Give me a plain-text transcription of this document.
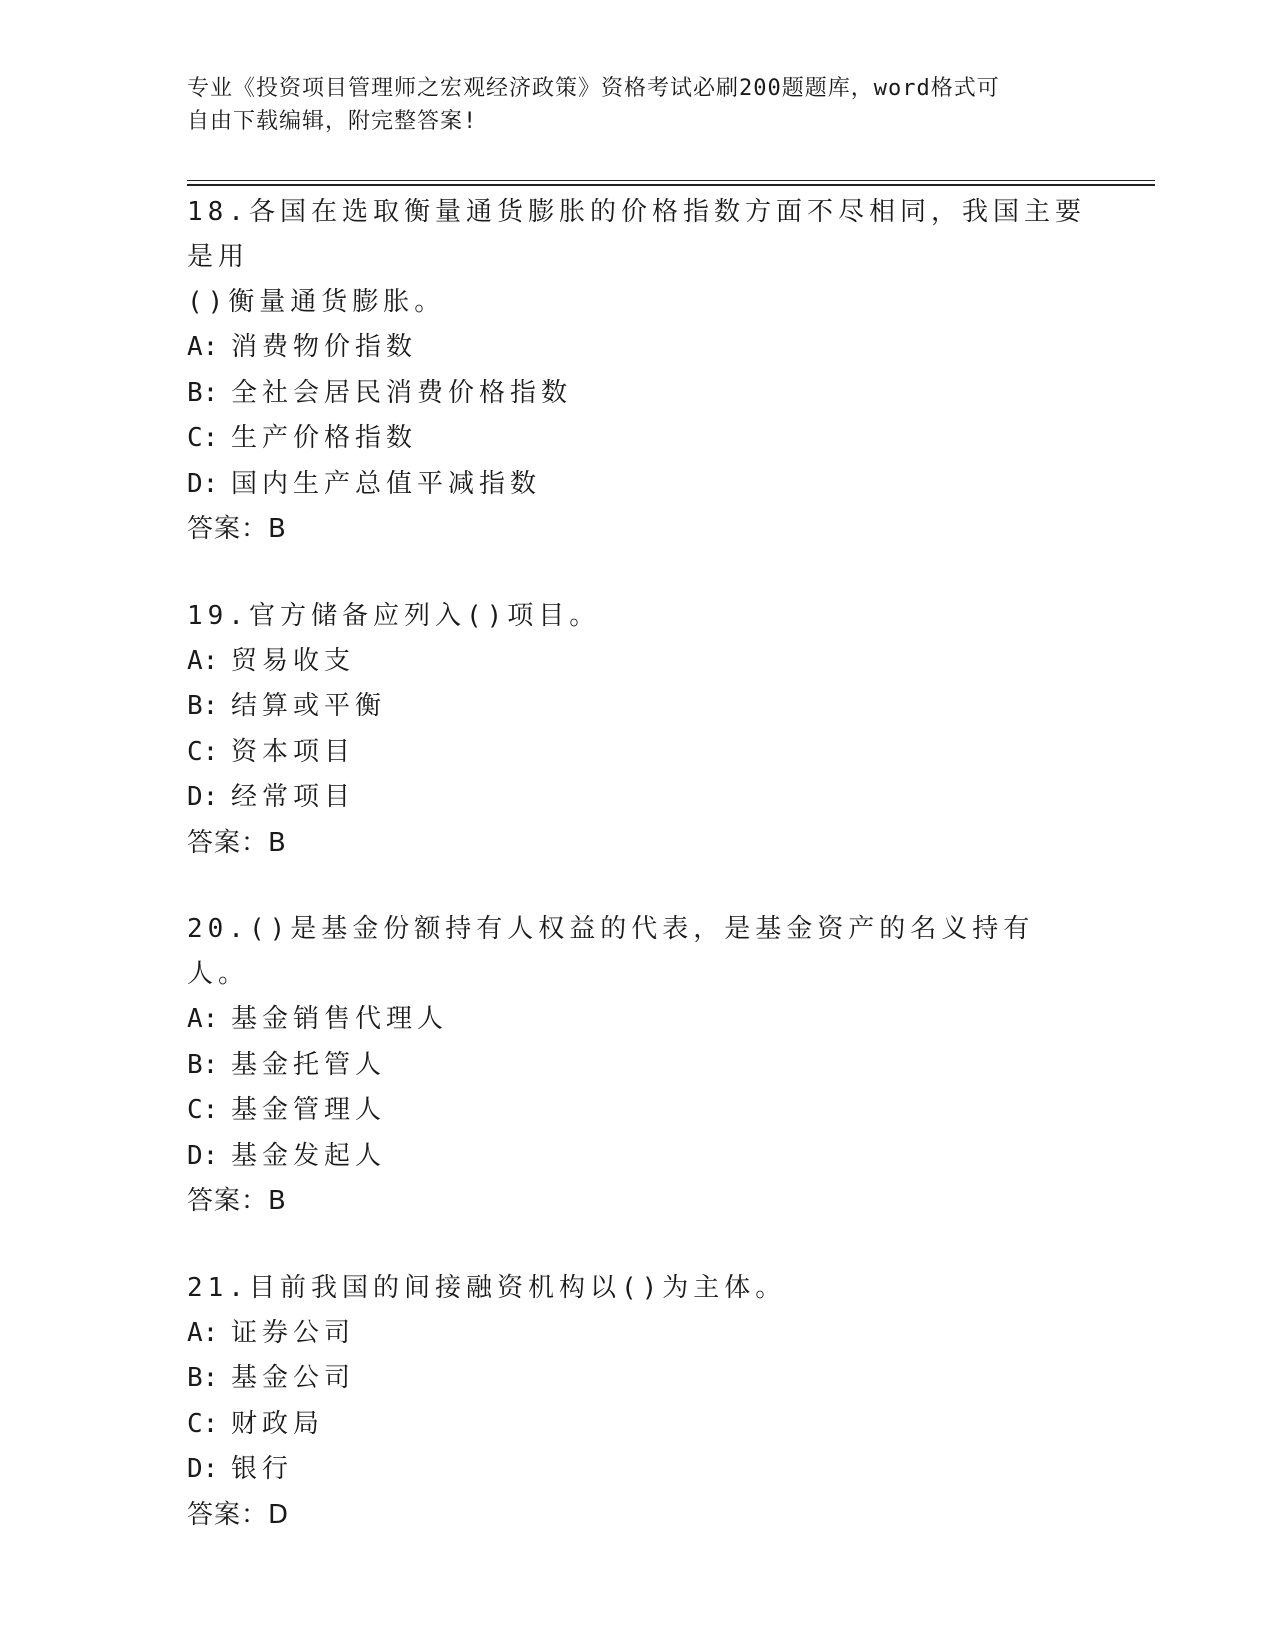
专业《投资项目管理师之宏观经济政策》资格考试必刷200题题库，word格式可
自由下载编辑，附完整答案!

18.各国在选取衡量通货膨胀的价格指数方面不尽相同，我国主要是用

()衡量通货膨胀。

A: 消费物价指数

B: 全社会居民消费价格指数

C: 生产价格指数

D: 国内生产总值平减指数

答案：B

19.官方储备应列入()项目。

A: 贸易收支

B: 结算或平衡

C: 资本项目

D: 经常项目

答案：B

20.()是基金份额持有人权益的代表，是基金资产的名义持有人。

A: 基金销售代理人

B: 基金托管人

C: 基金管理人

D: 基金发起人

答案：B

21.目前我国的间接融资机构以()为主体。

A: 证券公司

B: 基金公司

C: 财政局

D: 银行

答案：D
